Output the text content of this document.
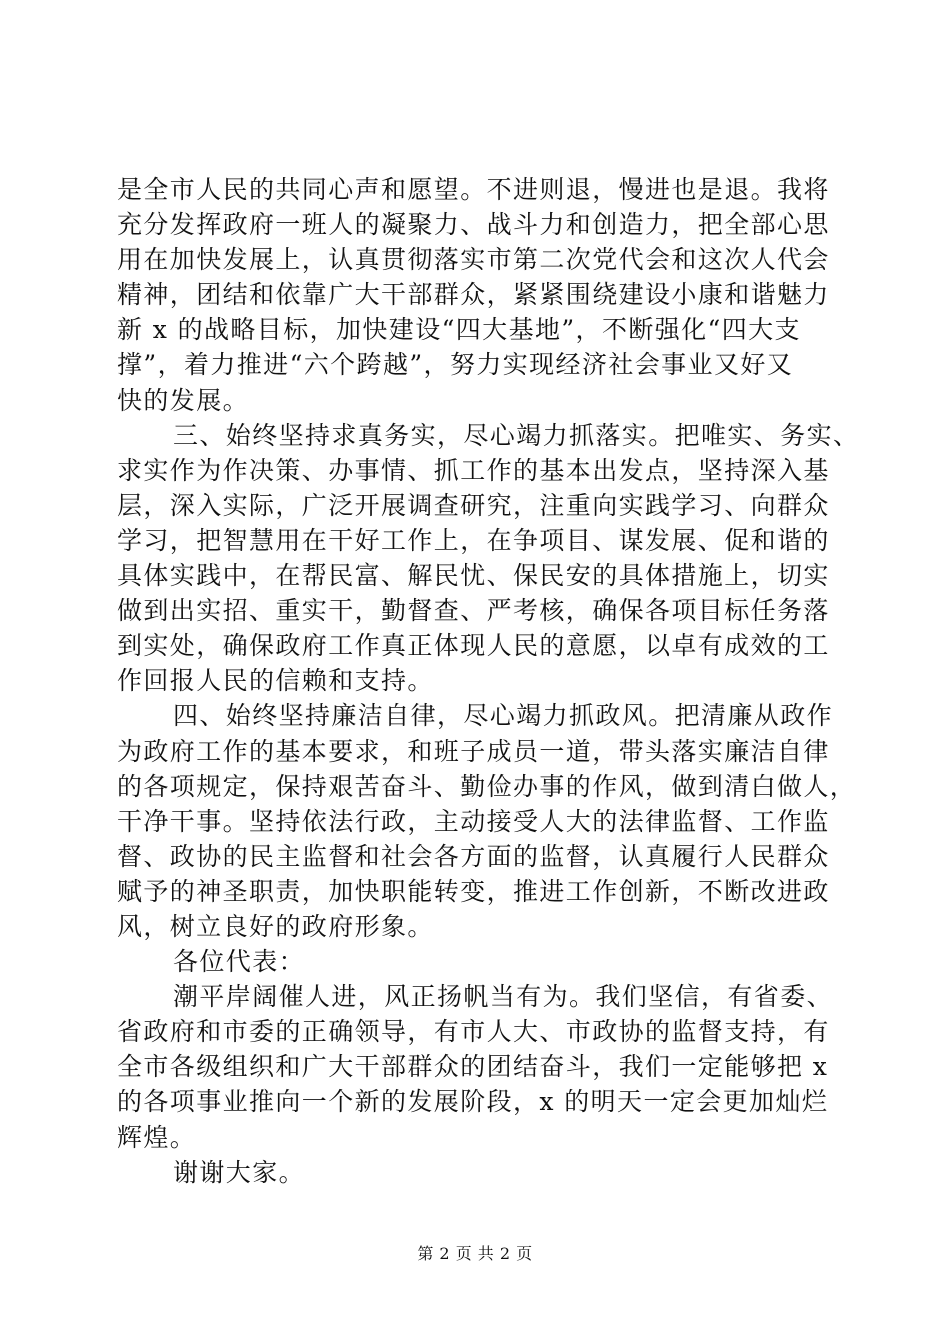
是全市人民的共同心声和愿望。不进则退，慢进也是退。我将
充分发挥政府一班人的凝聚力、战斗力和创造力，把全部心思
用在加快发展上，认真贯彻落实市第二次党代会和这次人代会
精神，团结和依靠广大干部群众，紧紧围绕建设小康和谐魅力
新 x 的战略目标，加快建设“四大基地”，不断强化“四大支
撑”，着力推进“六个跨越”，努力实现经济社会事业又好又
快的发展。
三、始终坚持求真务实，尽心竭力抓落实。把唯实、务实、
求实作为作决策、办事情、抓工作的基本出发点，坚持深入基
层，深入实际，广泛开展调查研究，注重向实践学习、向群众
学习，把智慧用在干好工作上，在争项目、谋发展、促和谐的
具体实践中，在帮民富、解民忧、保民安的具体措施上，切实
做到出实招、重实干，勤督查、严考核，确保各项目标任务落
到实处，确保政府工作真正体现人民的意愿，以卓有成效的工
作回报人民的信赖和支持。
四、始终坚持廉洁自律，尽心竭力抓政风。把清廉从政作
为政府工作的基本要求，和班子成员一道，带头落实廉洁自律
的各项规定，保持艰苦奋斗、勤俭办事的作风，做到清白做人，
干净干事。坚持依法行政，主动接受人大的法律监督、工作监
督、政协的民主监督和社会各方面的监督，认真履行人民群众
赋予的神圣职责，加快职能转变，推进工作创新，不断改进政
风，树立良好的政府形象。
各位代表：
潮平岸阔催人进，风正扬帆当有为。我们坚信，有省委、
省政府和市委的正确领导，有市人大、市政协的监督支持，有
全市各级组织和广大干部群众的团结奋斗，我们一定能够把 x
的各项事业推向一个新的发展阶段，x 的明天一定会更加灿烂
辉煌。
谢谢大家。
第 2 页 共 2 页
